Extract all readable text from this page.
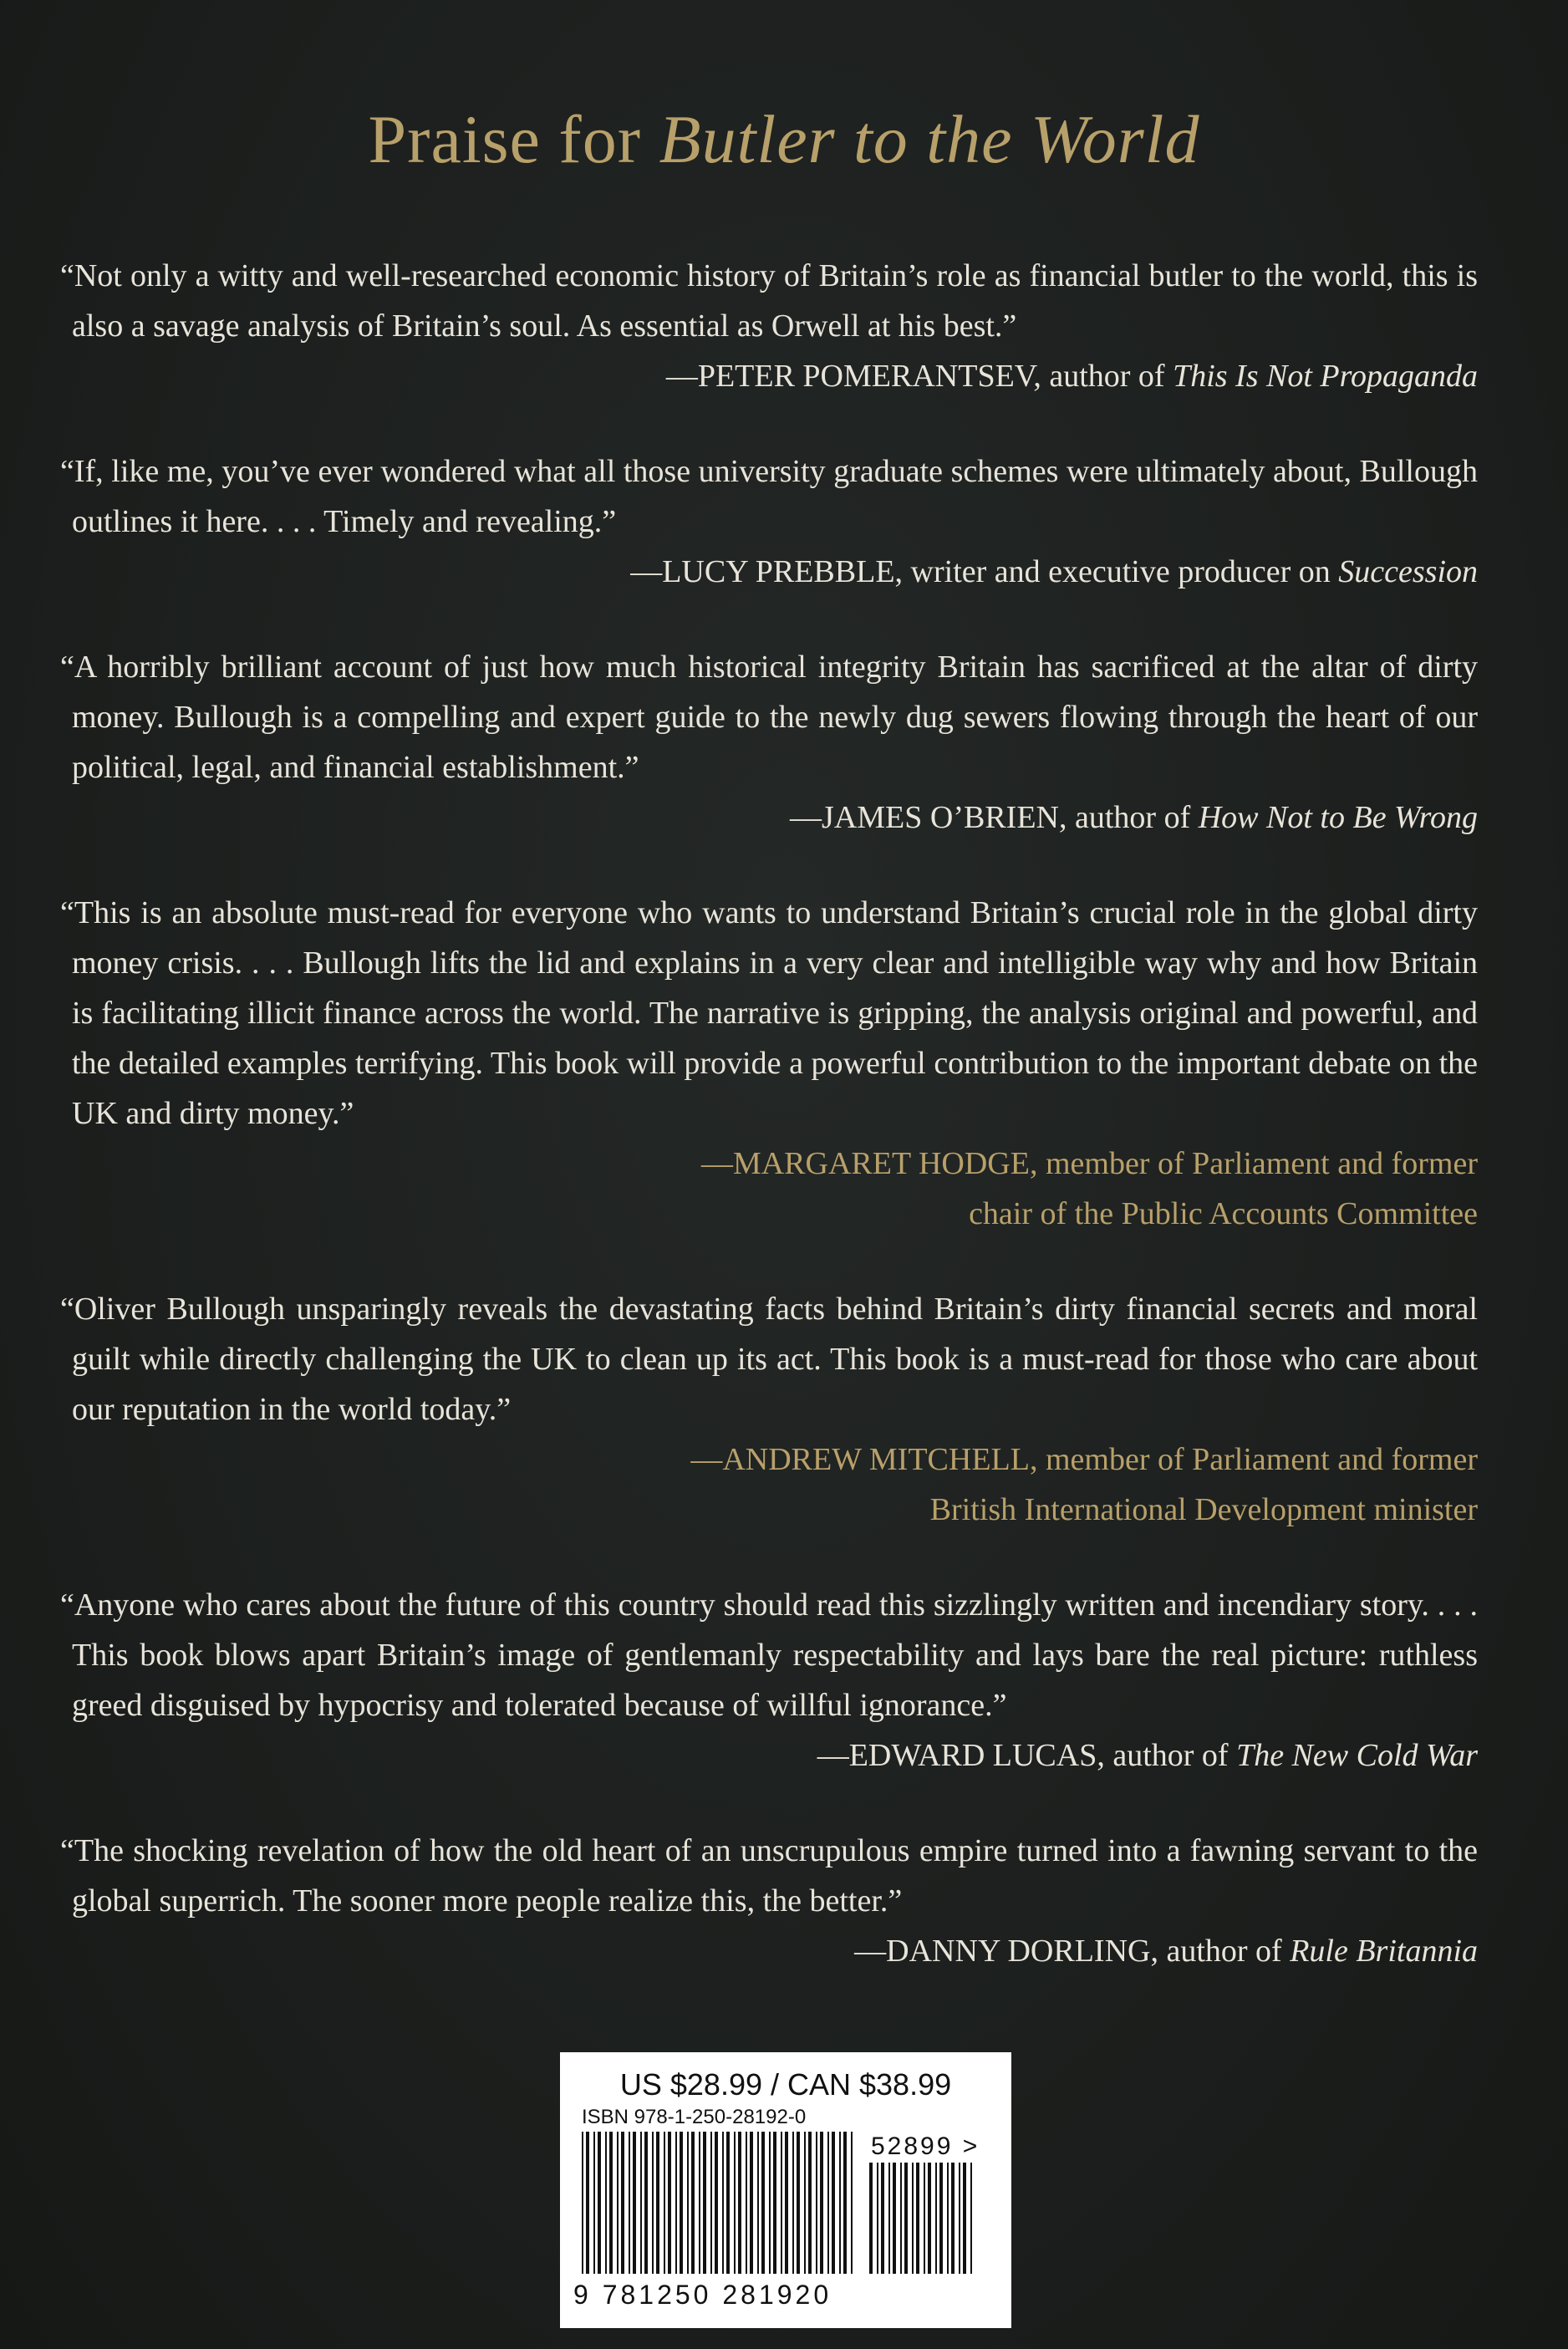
Praise for Butler to the World
“Not only a witty and well-researched economic history of Britain’s role as financial butler to the world, this is also a savage analysis of Britain’s soul. As essential as Orwell at his best.”
—PETER POMERANTSEV, author of This Is Not Propaganda
“If, like me, you’ve ever wondered what all those university graduate schemes were ultimately about, Bullough outlines it here. . . . Timely and revealing.”
—LUCY PREBBLE, writer and executive producer on Succession
“A horribly brilliant account of just how much historical integrity Britain has sacrificed at the altar of dirty money. Bullough is a compelling and expert guide to the newly dug sewers flowing through the heart of our political, legal, and financial establishment.”
—JAMES O’BRIEN, author of How Not to Be Wrong
“This is an absolute must-read for everyone who wants to understand Britain’s crucial role in the global dirty money crisis. . . . Bullough lifts the lid and explains in a very clear and intelligible way why and how Britain is facilitating illicit finance across the world. The narrative is gripping, the analysis original and powerful, and the detailed examples terrifying. This book will provide a powerful contribution to the important debate on the UK and dirty money.”
—MARGARET HODGE, member of Parliament and former
chair of the Public Accounts Committee
“Oliver Bullough unsparingly reveals the devastating facts behind Britain’s dirty financial secrets and moral guilt while directly challenging the UK to clean up its act. This book is a must-read for those who care about our reputation in the world today.”
—ANDREW MITCHELL, member of Parliament and former
British International Development minister
“Anyone who cares about the future of this country should read this sizzlingly written and incendiary story. . . . This book blows apart Britain’s image of gentlemanly respectability and lays bare the real picture: ruthless greed disguised by hypocrisy and tolerated because of willful ignorance.”
—EDWARD LUCAS, author of The New Cold War
“The shocking revelation of how the old heart of an unscrupulous empire turned into a fawning servant to the global superrich. The sooner more people realize this, the better.”
—DANNY DORLING, author of Rule Britannia
US $28.99 / CAN $38.99
ISBN 978-1-250-28192-0
52899 >
9 781250 281920
